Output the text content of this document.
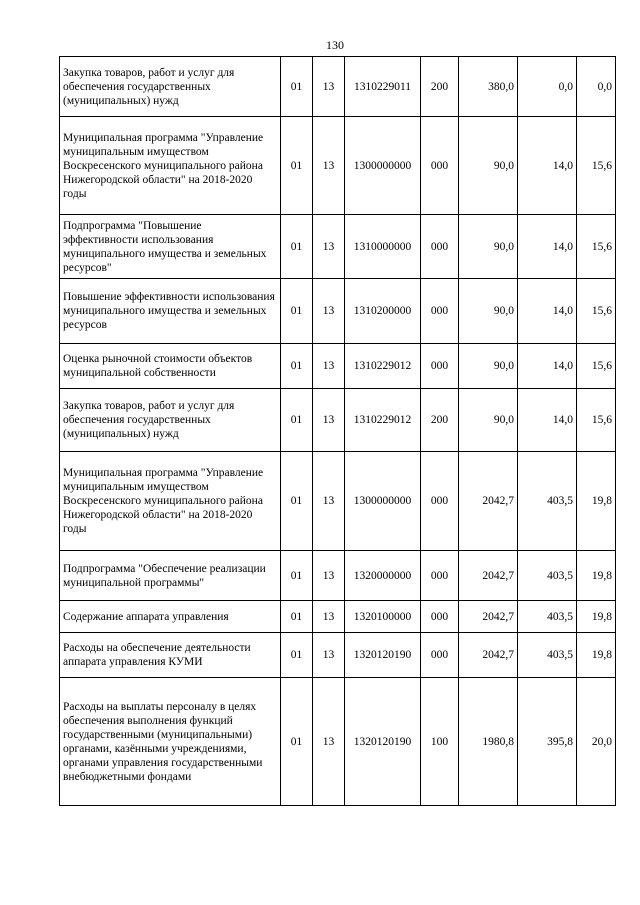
130
Закупка товаров, работ и услуг для обеспечения государственных (муниципальных) нужд	01	13	1310229011	200	380,0	0,0	0,0
Муниципальная программа "Управление муниципальным имуществом Воскресенского муниципального района Нижегородской области" на 2018-2020 годы	01	13	1300000000	000	90,0	14,0	15,6
Подпрограмма "Повышение эффективности использования муниципального имущества и земельных ресурсов"	01	13	1310000000	000	90,0	14,0	15,6
Повышение эффективности использования муниципального имущества и земельных ресурсов	01	13	1310200000	000	90,0	14,0	15,6
Оценка рыночной стоимости объектов муниципальной собственности	01	13	1310229012	000	90,0	14,0	15,6
Закупка товаров, работ и услуг для обеспечения государственных (муниципальных) нужд	01	13	1310229012	200	90,0	14,0	15,6
Муниципальная программа "Управление муниципальным имуществом Воскресенского муниципального района Нижегородской области" на 2018-2020 годы	01	13	1300000000	000	2042,7	403,5	19,8
Подпрограмма "Обеспечение реализации муниципальной программы"	01	13	1320000000	000	2042,7	403,5	19,8
Содержание аппарата управления	01	13	1320100000	000	2042,7	403,5	19,8
Расходы на обеспечение деятельности аппарата управления КУМИ	01	13	1320120190	000	2042,7	403,5	19,8
Расходы на выплаты персоналу в целях обеспечения выполнения функций государственными (муниципальными) органами, казёнными учреждениями, органами управления государственными внебюджетными фондами	01	13	1320120190	100	1980,8	395,8	20,0
